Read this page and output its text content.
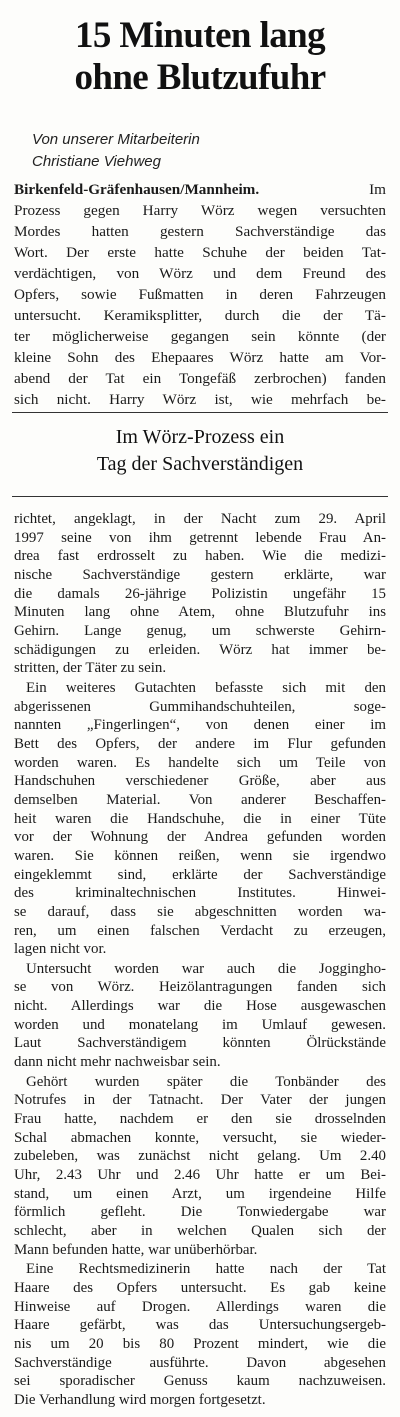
15 Minuten lang
ohne Blutzufuhr
Von unserer Mitarbeiterin
Christiane Viehweg
Birkenfeld-Gräfenhausen/Mannheim.	Im
Prozess gegen Harry Wörz wegen versuchten
Mordes hatten gestern Sachverständige das
Wort. Der erste hatte Schuhe der beiden Tat-
verdächtigen, von Wörz und dem Freund des
Opfers, sowie Fußmatten in deren Fahrzeugen
untersucht. Keramiksplitter, durch die der Tä-
ter möglicherweise gegangen sein könnte (der
kleine Sohn des Ehepaares Wörz hatte am Vor-
abend der Tat ein Tongefäß zerbrochen) fanden
sich nicht. Harry Wörz ist, wie mehrfach be-
Im Wörz-Prozess ein
Tag der Sachverständigen
richtet, angeklagt, in der Nacht zum 29. April
1997 seine von ihm getrennt lebende Frau An-
drea fast erdrosselt zu haben. Wie die medizi-
nische Sachverständige gestern erklärte, war
die damals 26-jährige Polizistin ungefähr 15
Minuten lang ohne Atem, ohne Blutzufuhr ins
Gehirn. Lange genug, um schwerste Gehirn-
schädigungen zu erleiden. Wörz hat immer be-
stritten, der Täter zu sein.
Ein weiteres Gutachten befasste sich mit den
abgerissenen Gummihandschuhteilen, soge-
nannten „Fingerlingen“, von denen einer im
Bett des Opfers, der andere im Flur gefunden
worden waren. Es handelte sich um Teile von
Handschuhen verschiedener Größe, aber aus
demselben Material. Von anderer Beschaffen-
heit waren die Handschuhe, die in einer Tüte
vor der Wohnung der Andrea gefunden worden
waren. Sie können reißen, wenn sie irgendwo
eingeklemmt sind, erklärte der Sachverständige
des kriminaltechnischen Institutes. Hinwei-
se darauf, dass sie abgeschnitten worden wa-
ren, um einen falschen Verdacht zu erzeugen,
lagen nicht vor.
Untersucht worden war auch die Jogginghо-
se von Wörz. Heizölantragungen fanden sich
nicht. Allerdings war die Hose ausgewaschen
worden und monatelang im Umlauf gewesen.
Laut Sachverständigem könnten Ölrückstände
dann nicht mehr nachweisbar sein.
Gehört wurden später die Tonbänder des
Notrufes in der Tatnacht. Der Vater der jungen
Frau hatte, nachdem er den sie drosselnden
Schal abmachen konnte, versucht, sie wieder-
zubeleben, was zunächst nicht gelang. Um 2.40
Uhr, 2.43 Uhr und 2.46 Uhr hatte er um Bei-
stand, um einen Arzt, um irgendeine Hilfe
förmlich gefleht. Die Tonwiedergabe war
schlecht, aber in welchen Qualen sich der
Mann befunden hatte, war unüberhörbar.
Eine Rechtsmedizinerin hatte nach der Tat
Haare des Opfers untersucht. Es gab keine
Hinweise auf Drogen. Allerdings waren die
Haare gefärbt, was das Untersuchungsergeb-
nis um 20 bis 80 Prozent mindert, wie die
Sachverständige ausführte. Davon abgesehen
sei sporadischer Genuss kaum nachzuweisen.
Die Verhandlung wird morgen fortgesetzt.
